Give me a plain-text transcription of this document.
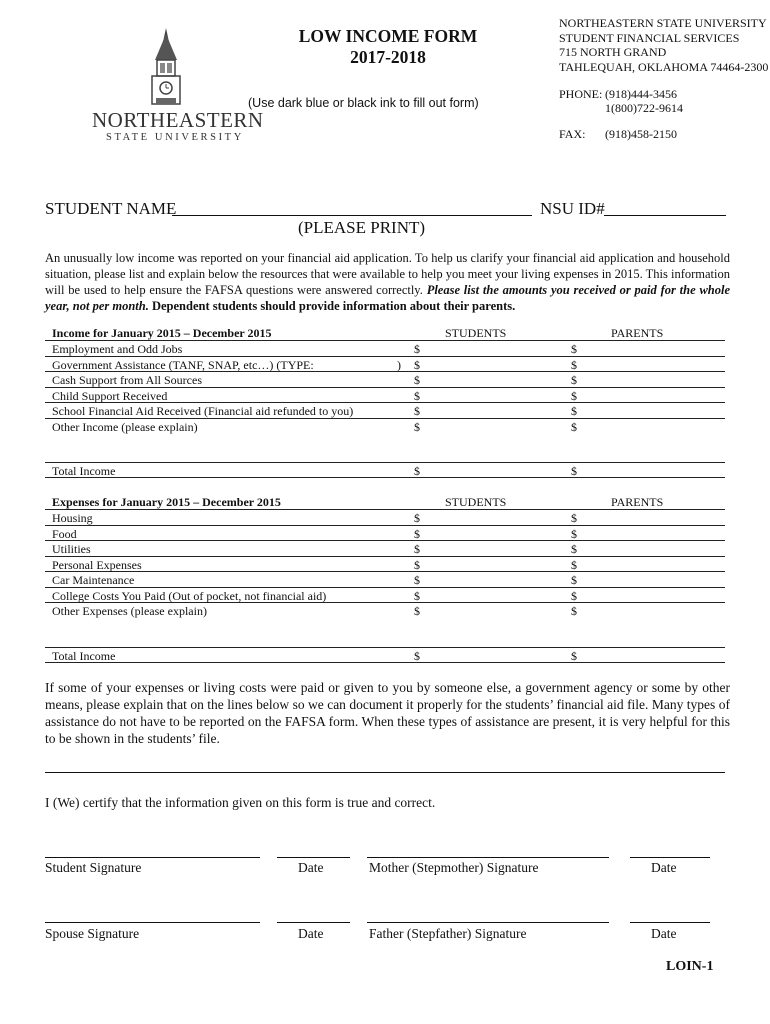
NORTHEASTERN
STATE UNIVERSITY
LOW INCOME FORM
2017-2018
(Use dark blue or black ink to fill out form)
NORTHEASTERN STATE UNIVERSITY
STUDENT FINANCIAL SERVICES
715 NORTH GRAND
TAHLEQUAH, OKLAHOMA 74464-2300
PHONE: (918)444-3456
1(800)722-9614
FAX: (918)458-2150
STUDENT NAME
(PLEASE PRINT)
NSU ID#
An unusually low income was reported on your financial aid application. To help us clarify your financial aid application and household situation, please list and explain below the resources that were available to help you meet your living expenses in 2015. This information will be used to help ensure the FAFSA questions were answered correctly. Please list the amounts you received or paid for the whole year, not per month. Dependent students should provide information about their parents.
Income for January 2015 – December 2015	STUDENTS	PARENTS
Employment and Odd Jobs	$	$
Government Assistance (TANF, SNAP, etc…) (TYPE:	) $	$
Cash Support from All Sources	$	$
Child Support Received	$	$
School Financial Aid Received (Financial aid refunded to you)	$	$
Other Income (please explain)	$	$
Total Income	$	$
Expenses for January 2015 – December 2015	STUDENTS	PARENTS
Housing	$	$
Food	$	$
Utilities	$	$
Personal Expenses	$	$
Car Maintenance	$	$
College Costs You Paid (Out of pocket, not financial aid)	$	$
Other Expenses (please explain)	$	$
Total Income	$	$
If some of your expenses or living costs were paid or given to you by someone else, a government agency or some by other means, please explain that on the lines below so we can document it properly for the students’ financial aid file. Many types of assistance do not have to be reported on the FAFSA form. When these types of assistance are present, it is very helpful for this to be shown in the students’ file.
I (We) certify that the information given on this form is true and correct.
Student Signature	Date	Mother (Stepmother) Signature	Date
Spouse Signature	Date	Father (Stepfather) Signature	Date
LOIN-1
